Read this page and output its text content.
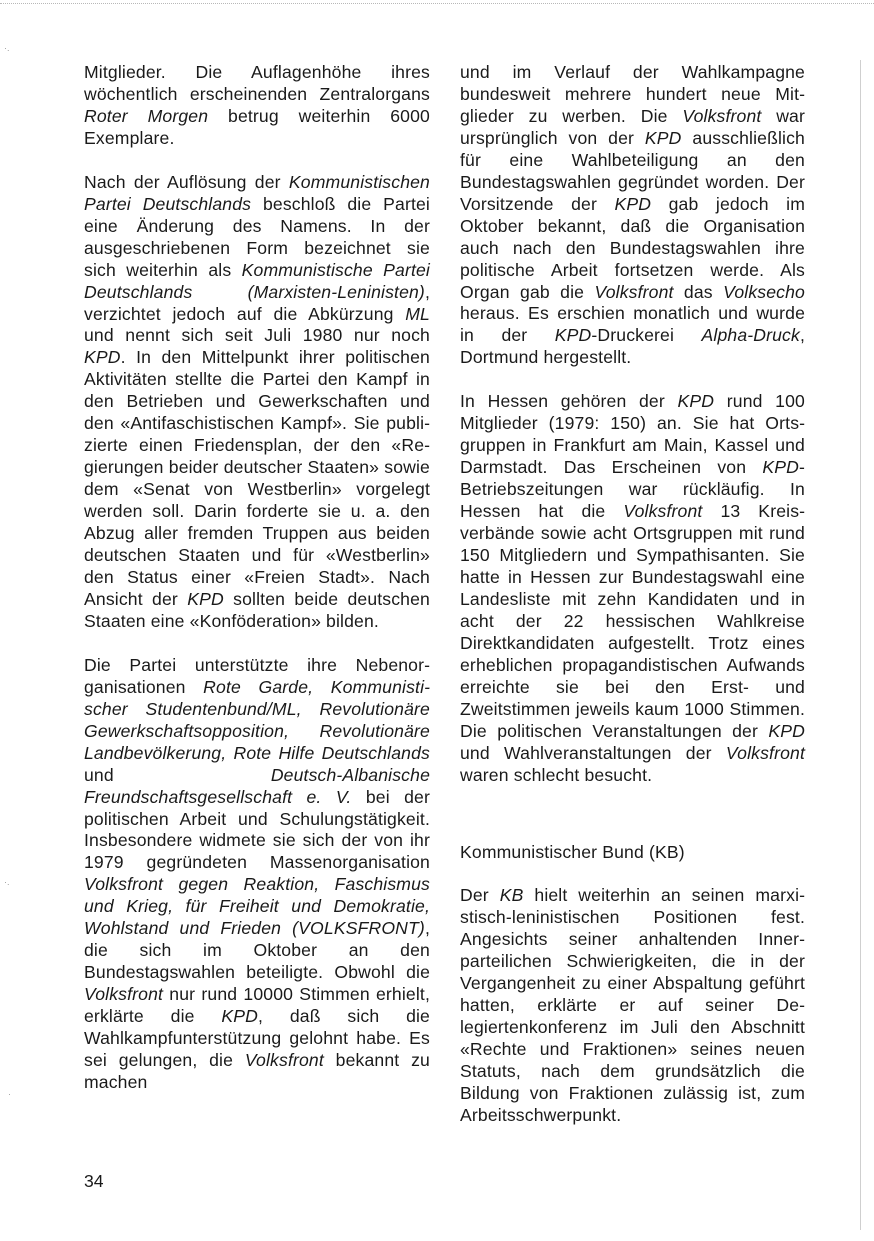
·.
·.
·

Mitglieder. Die Auflagenhöhe ihres wöchentlich erscheinenden Zentralorgans Roter Morgen betrug weiterhin 6000 Exemplare.

Nach der Auflösung der Kommunistischen Partei Deutschlands beschloß die Partei eine Änderung des Namens. In der ausgeschriebenen Form bezeichnet sie sich weiterhin als Kommunistische Partei Deutschlands (Marxisten-Leninisten), verzichtet jedoch auf die Abkürzung ML und nennt sich seit Juli 1980 nur noch KPD. In den Mittelpunkt ihrer politischen Aktivitäten stellte die Partei den Kampf in den Betrieben und Gewerkschaften und den «Antifaschistischen Kampf». Sie publizierte einen Friedensplan, der den «Regierungen beider deutscher Staaten» sowie dem «Senat von Westberlin» vorgelegt werden soll. Darin forderte sie u. a. den Abzug aller fremden Truppen aus beiden deutschen Staaten und für «Westberlin» den Status einer «Freien Stadt». Nach Ansicht der KPD sollten beide deutschen Staaten eine «Konföderation» bilden.

Die Partei unterstützte ihre Nebenorganisationen Rote Garde, Kommunistischer Studentenbund/ML, Revolutionäre Gewerkschaftsopposition, Revolutionäre Landbevölkerung, Rote Hilfe Deutschlands und Deutsch-Albanische Freundschaftsgesellschaft e. V. bei der politischen Arbeit und Schulungstätigkeit. Insbesondere widmete sie sich der von ihr 1979 gegründeten Massenorganisation Volksfront gegen Reaktion, Faschismus und Krieg, für Freiheit und Demokratie, Wohlstand und Frieden (VOLKSFRONT), die sich im Oktober an den Bundestagswahlen beteiligte. Obwohl die Volksfront nur rund 10000 Stimmen erhielt, erklärte die KPD, daß sich die Wahlkampfunterstützung gelohnt habe. Es sei gelungen, die Volksfront bekannt zu machen

und im Verlauf der Wahlkampagne bundesweit mehrere hundert neue Mitglieder zu werben. Die Volksfront war ursprünglich von der KPD ausschließlich für eine Wahlbeteiligung an den Bundestagswahlen gegründet worden. Der Vorsitzende der KPD gab jedoch im Oktober bekannt, daß die Organisation auch nach den Bundestagswahlen ihre politische Arbeit fortsetzen werde. Als Organ gab die Volksfront das Volksecho heraus. Es erschien monatlich und wurde in der KPD-Druckerei Alpha-Druck, Dortmund hergestellt.

In Hessen gehören der KPD rund 100 Mitglieder (1979: 150) an. Sie hat Ortsgruppen in Frankfurt am Main, Kassel und Darmstadt. Das Erscheinen von KPD-Betriebszeitungen war rückläufig. In Hessen hat die Volksfront 13 Kreisverbände sowie acht Ortsgruppen mit rund 150 Mitgliedern und Sympathisanten. Sie hatte in Hessen zur Bundestagswahl eine Landesliste mit zehn Kandidaten und in acht der 22 hessischen Wahlkreise Direktkandidaten aufgestellt. Trotz eines erheblichen propagandistischen Aufwands erreichte sie bei den Erst- und Zweitstimmen jeweils kaum 1000 Stimmen. Die politischen Veranstaltungen der KPD und Wahlveranstaltungen der Volksfront waren schlecht besucht.

Kommunistischer Bund (KB)

Der KB hielt weiterhin an seinen marxistisch-leninistischen Positionen fest. Angesichts seiner anhaltenden Innerparteilichen Schwierigkeiten, die in der Vergangenheit zu einer Abspaltung geführt hatten, erklärte er auf seiner Delegiertenkonferenz im Juli den Abschnitt «Rechte und Fraktionen» seines neuen Statuts, nach dem grundsätzlich die Bildung von Fraktionen zulässig ist, zum Arbeitsschwerpunkt.

34
